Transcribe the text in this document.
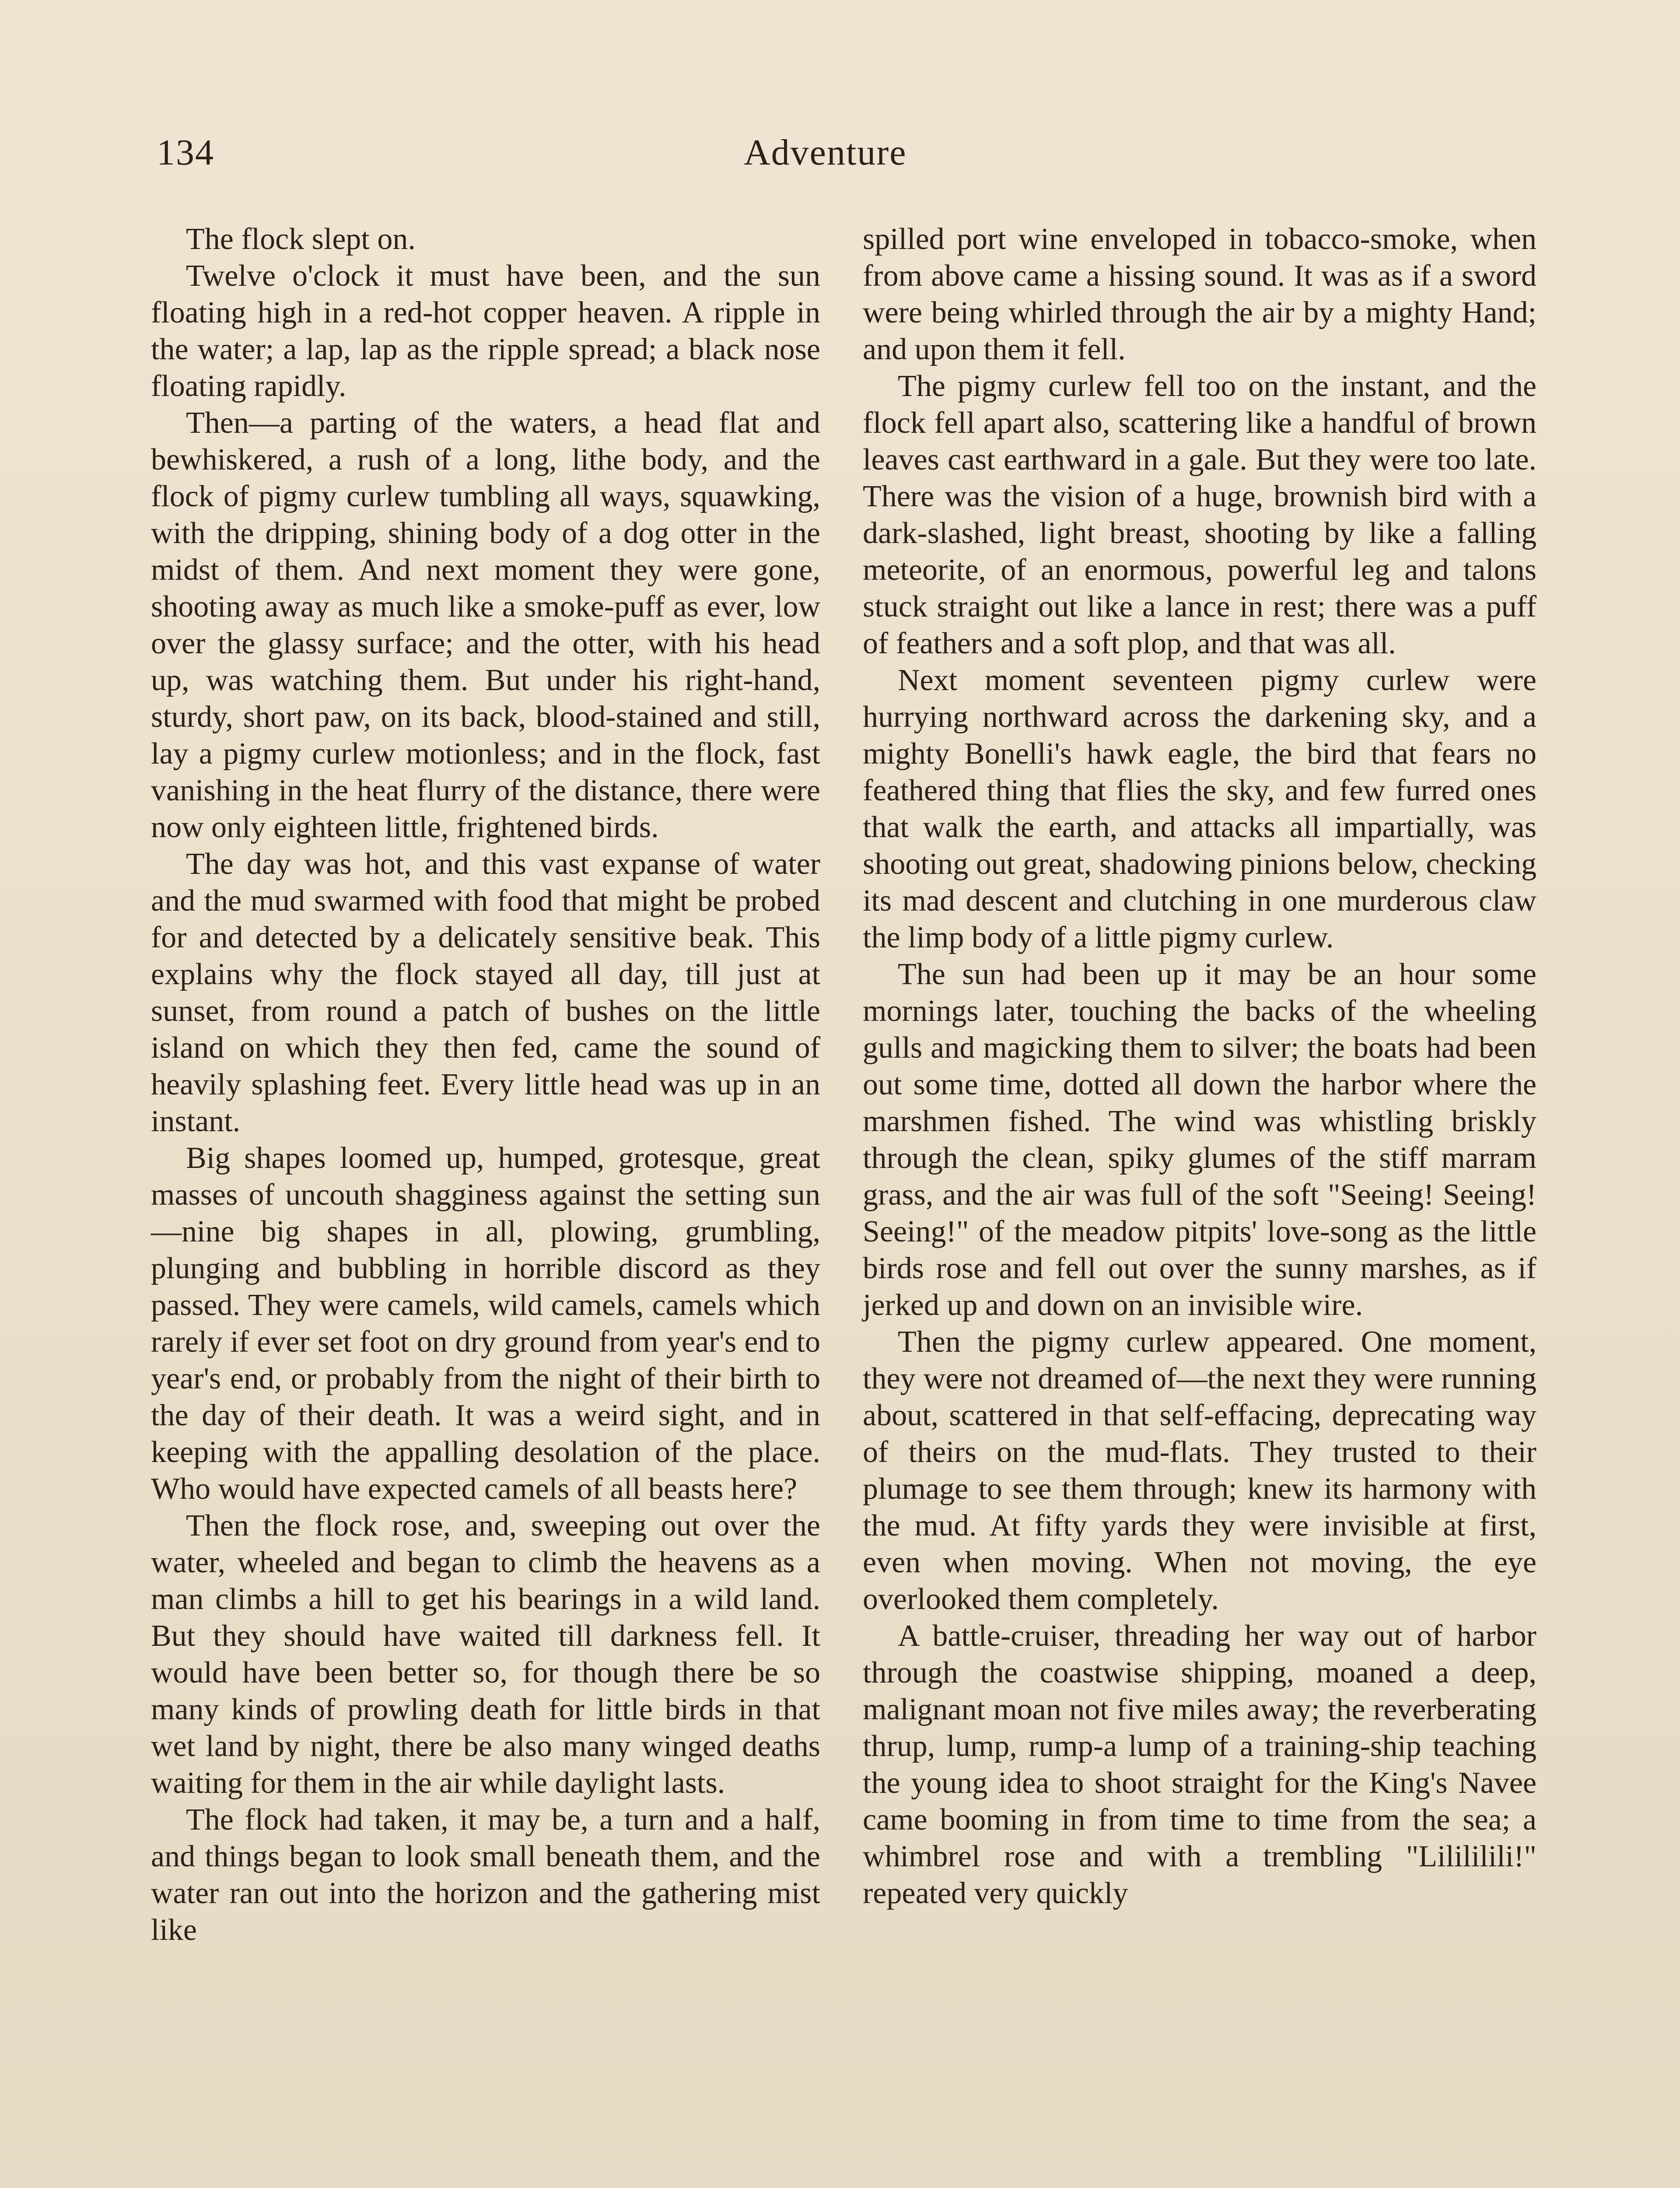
134	Adventure

The flock slept on.

Twelve o'clock it must have been, and the sun floating high in a red-hot copper heaven. A ripple in the water; a lap, lap as the ripple spread; a black nose floating rapidly.

Then—a parting of the waters, a head flat and bewhiskered, a rush of a long, lithe body, and the flock of pigmy curlew tumbling all ways, squawking, with the dripping, shining body of a dog otter in the midst of them. And next moment they were gone, shooting away as much like a smoke-puff as ever, low over the glassy surface; and the otter, with his head up, was watching them. But under his right-hand, sturdy, short paw, on its back, blood-stained and still, lay a pigmy curlew motionless; and in the flock, fast vanishing in the heat flurry of the distance, there were now only eighteen little, frightened birds.

The day was hot, and this vast expanse of water and the mud swarmed with food that might be probed for and detected by a delicately sensitive beak. This explains why the flock stayed all day, till just at sunset, from round a patch of bushes on the little island on which they then fed, came the sound of heavily splashing feet. Every little head was up in an instant.

Big shapes loomed up, humped, grotesque, great masses of uncouth shagginess against the setting sun—nine big shapes in all, plowing, grumbling, plunging and bubbling in horrible discord as they passed. They were camels, wild camels, camels which rarely if ever set foot on dry ground from year's end to year's end, or probably from the night of their birth to the day of their death. It was a weird sight, and in keeping with the appalling desolation of the place. Who would have expected camels of all beasts here?

Then the flock rose, and, sweeping out over the water, wheeled and began to climb the heavens as a man climbs a hill to get his bearings in a wild land. But they should have waited till darkness fell. It would have been better so, for though there be so many kinds of prowling death for little birds in that wet land by night, there be also many winged deaths waiting for them in the air while daylight lasts.

The flock had taken, it may be, a turn and a half, and things began to look small beneath them, and the water ran out into the horizon and the gathering mist like

spilled port wine enveloped in tobacco-smoke, when from above came a hissing sound. It was as if a sword were being whirled through the air by a mighty Hand; and upon them it fell.

The pigmy curlew fell too on the instant, and the flock fell apart also, scattering like a handful of brown leaves cast earthward in a gale. But they were too late. There was the vision of a huge, brownish bird with a dark-slashed, light breast, shooting by like a falling meteorite, of an enormous, powerful leg and talons stuck straight out like a lance in rest; there was a puff of feathers and a soft plop, and that was all.

Next moment seventeen pigmy curlew were hurrying northward across the darkening sky, and a mighty Bonelli's hawk eagle, the bird that fears no feathered thing that flies the sky, and few furred ones that walk the earth, and attacks all impartially, was shooting out great, shadowing pinions below, checking its mad descent and clutching in one murderous claw the limp body of a little pigmy curlew.

The sun had been up it may be an hour some mornings later, touching the backs of the wheeling gulls and magicking them to silver; the boats had been out some time, dotted all down the harbor where the marshmen fished. The wind was whistling briskly through the clean, spiky glumes of the stiff marram grass, and the air was full of the soft "Seeing! Seeing! Seeing!" of the meadow pitpits' love-song as the little birds rose and fell out over the sunny marshes, as if jerked up and down on an invisible wire.

Then the pigmy curlew appeared. One moment, they were not dreamed of—the next they were running about, scattered in that self-effacing, deprecating way of theirs on the mud-flats. They trusted to their plumage to see them through; knew its harmony with the mud. At fifty yards they were invisible at first, even when moving. When not moving, the eye overlooked them completely.

A battle-cruiser, threading her way out of harbor through the coastwise shipping, moaned a deep, malignant moan not five miles away; the reverberating thrup, lump, rump-a lump of a training-ship teaching the young idea to shoot straight for the King's Navee came booming in from time to time from the sea; a whimbrel rose and with a trembling "Lilililili!" repeated very quickly
